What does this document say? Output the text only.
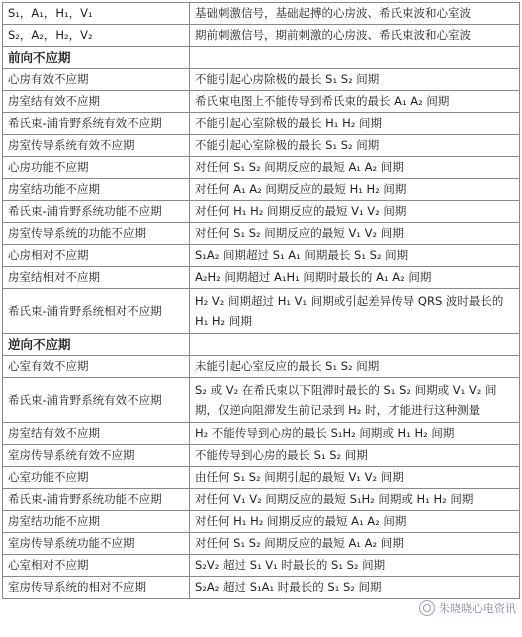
S₁，A₁，H₁，V₁	基础刺激信号，基础起搏的心房波、希氏束波和心室波
S₂，A₂，H₂，V₂	期前刺激信号，期前刺激的心房波、希氏束波和心室波
前向不应期	
心房有效不应期	不能引起心房除极的最长 S₁ S₂ 间期
房室结有效不应期	希氏束电图上不能传导到希氏束的最长 A₁ A₂ 间期
希氏束-浦肯野系统有效不应期	不能引起心室除极的最长 H₁ H₂ 间期
房室传导系统有效不应期	不能引起心室除极的最长 S₁ S₂ 间期
心房功能不应期	对任何 S₁ S₂ 间期反应的最短 A₁ A₂ 间期
房室结功能不应期	对任何 A₁ A₂ 间期反应的最短 H₁ H₂ 间期
希氏束-浦肯野系统功能不应期	对任何 H₁ H₂ 间期反应的最短 V₁ V₂ 间期
房室传导系统的功能不应期	对任何 S₁ S₂ 间期反应的最短 V₁ V₂ 间期
心房相对不应期	S₁A₂ 间期超过 S₁ A₁ 间期最长 S₁ S₂ 间期
房室结相对不应期	A₂H₂ 间期超过 A₁H₁ 间期时最长的 A₁ A₂ 间期
希氏束-浦肯野系统相对不应期	H₂ V₂ 间期超过 H₁ V₁ 间期或引起差异传导 QRS 波时最长的 H₁ H₂ 间期
逆向不应期	
心室有效不应期	未能引起心室反应的最长 S₁ S₂ 间期
希氏束-浦肯野系统有效不应期	S₂ 或 V₂ 在希氏束以下阻滞时最长的 S₁ S₂ 间期或 V₁ V₂ 间期，仅逆向阻滞发生前记录到 H₂ 时，才能进行这种测量
房室结有效不应期	H₂ 不能传导到心房的最长 S₁H₂ 间期或 H₁ H₂ 间期
室房传导系统有效不应期	不能传导到心房的最长 S₁ S₂ 间期
心室功能不应期	由任何 S₁ S₂ 间期引起的最短 V₁ V₂ 间期
希氏束-浦肯野系统功能不应期	对任何 V₁ V₂ 间期反应的最短 S₁H₂ 间期或 H₁ H₂ 间期
房室结功能不应期	对任何 H₁ H₂ 间期反应的最短 A₁ A₂ 间期
室房传导系统功能不应期	对任何 S₁ S₂ 间期反应的最短 A₁ A₂ 间期
心室相对不应期	S₂V₂ 超过 S₁ V₁ 时最长的 S₁ S₂ 间期
室房传导系统的相对不应期	S₂A₂ 超过 S₁A₁ 时最长的 S₁ S₂ 间期
朱晓晓心电资讯
